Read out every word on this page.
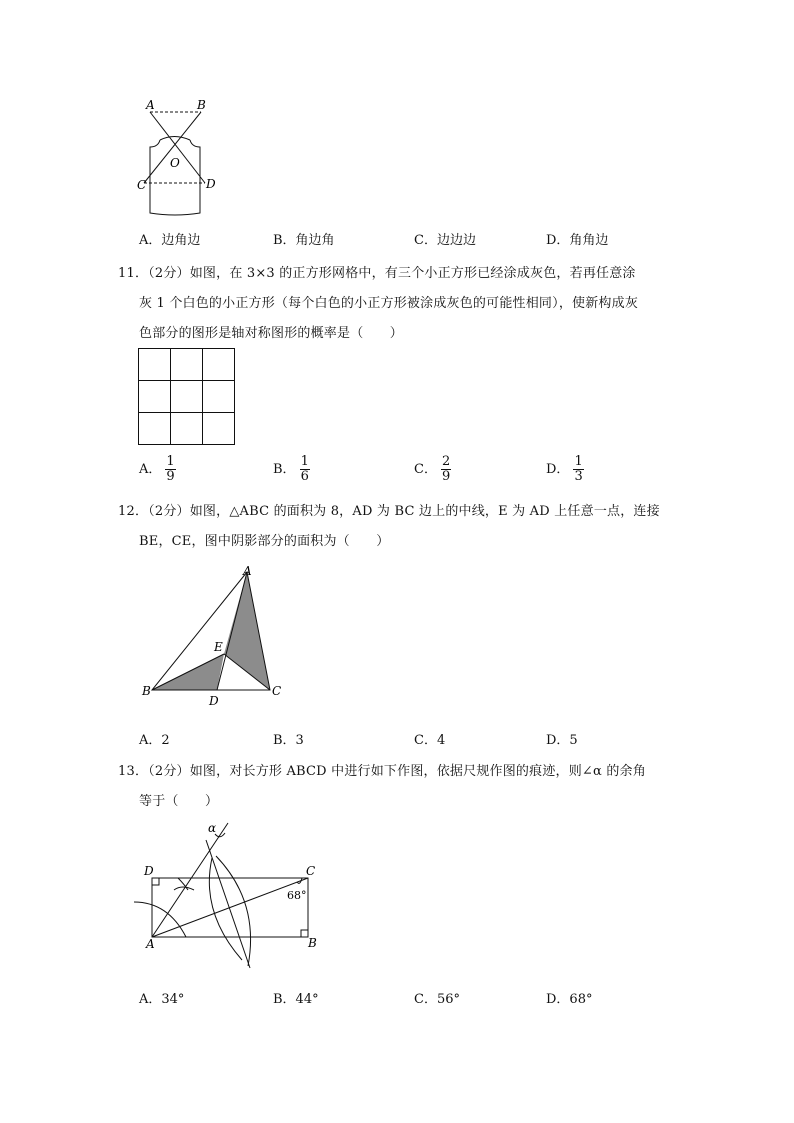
A	B
O
C	D
A．边角边	B．角边角	C．边边边	D．角角边
11．（2分）如图，在 3×3 的正方形网格中，有三个小正方形已经涂成灰色，若再任意涂
灰 1 个白色的小正方形（每个白色的小正方形被涂成灰色的可能性相同），使新构成灰
色部分的图形是轴对称图形的概率是（　　）
A． $\frac{1}{9}$	B． $\frac{1}{6}$	C． $\frac{2}{9}$	D． $\frac{1}{3}$
12．（2分）如图，△ABC 的面积为 8，AD 为 BC 边上的中线，E 为 AD 上任意一点，连接
BE，CE，图中阴影部分的面积为（　　）
A
B	C
D
E
A．2	B．3	C．4	D．5
13．（2分）如图，对长方形 ABCD 中进行如下作图，依据尺规作图的痕迹，则∠α 的余角
等于（　　）
D	C
A	B
α
68°
A．34°	B．44°	C．56°	D．68°
